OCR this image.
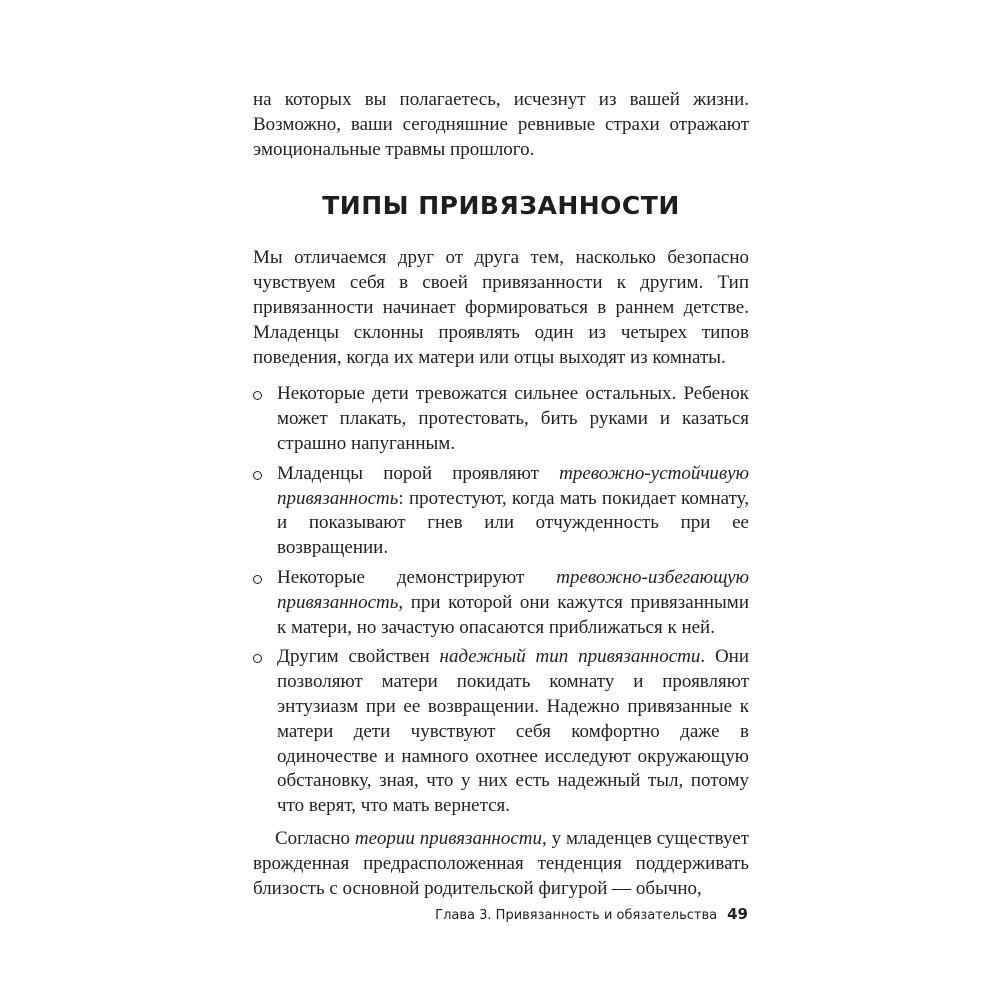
на которых вы полагаетесь, исчезнут из вашей жизни. Возможно, ваши сегодняшние ревнивые страхи отражают эмоциональные травмы прошлого.

ТИПЫ ПРИВЯЗАННОСТИ

Мы отличаемся друг от друга тем, насколько безопасно чувствуем себя в своей привязанности к другим. Тип привязанности начинает формироваться в раннем детстве. Младенцы склонны проявлять один из четырех типов поведения, когда их матери или отцы выходят из комнаты.

Некоторые дети тревожатся сильнее остальных. Ребенок может плакать, протестовать, бить руками и казаться страшно напуганным.
Младенцы порой проявляют тревожно-устойчивую привязанность: протестуют, когда мать покидает комнату, и показывают гнев или отчужденность при ее возвращении.
Некоторые демонстрируют тревожно-избегающую привязанность, при которой они кажутся привязанными к матери, но зачастую опасаются приближаться к ней.
Другим свойствен надежный тип привязанности. Они позволяют матери покидать комнату и проявляют энтузиазм при ее возвращении. Надежно привязанные к матери дети чувствуют себя комфортно даже в одиночестве и намного охотнее исследуют окружающую обстановку, зная, что у них есть надежный тыл, потому что верят, что мать вернется.

Согласно теории привязанности, у младенцев существует врожденная предрасположенная тенденция поддерживать близость с основной родительской фигурой — обычно,

Глава 3. Привязанность и обязательства 49
